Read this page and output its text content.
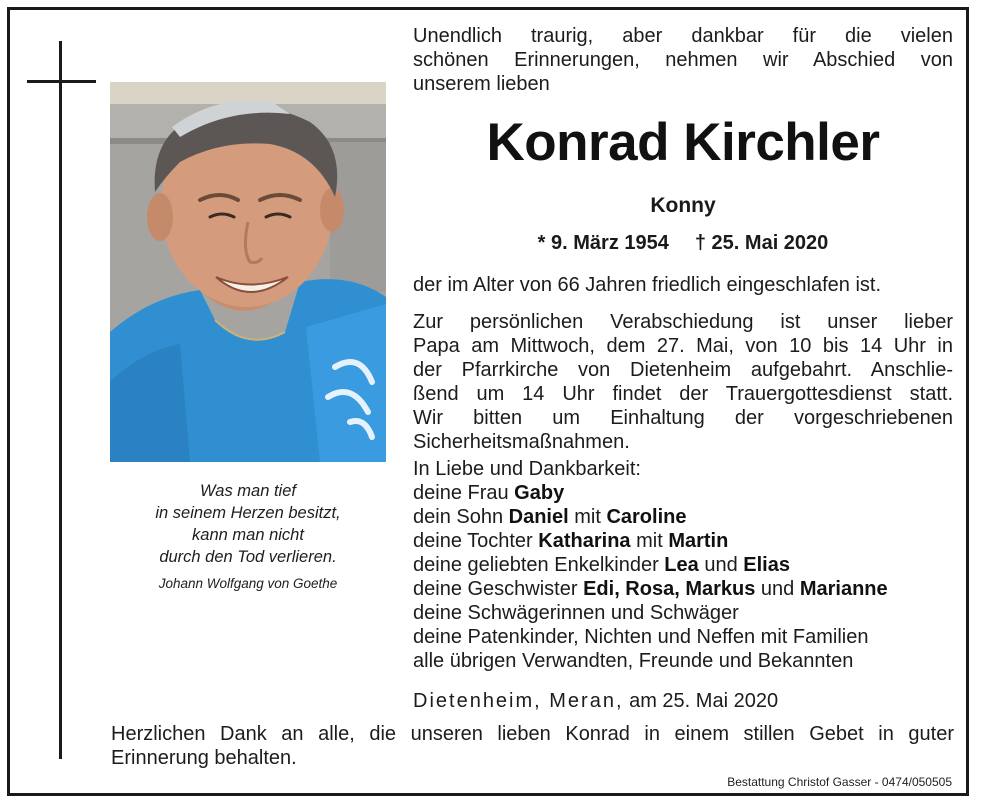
Was man tief
in seinem Herzen besitzt,
kann man nicht
durch den Tod verlieren.
Johann Wolfgang von Goethe
Unendlich traurig, aber dankbar für die vielen
schönen Erinnerungen, nehmen wir Abschied von
unserem lieben
Konrad Kirchler
Konny
* 9. März 1954 † 25. Mai 2020
der im Alter von 66 Jahren friedlich eingeschlafen ist.
Zur persönlichen Verabschiedung ist unser lieber
Papa am Mittwoch, dem 27. Mai, von 10 bis 14 Uhr in
der Pfarrkirche von Dietenheim aufgebahrt. Anschlie-
ßend um 14 Uhr findet der Trauergottesdienst statt.
Wir bitten um Einhaltung der vorgeschriebenen
Sicherheitsmaßnahmen.
In Liebe und Dankbarkeit:
deine Frau Gaby
dein Sohn Daniel mit Caroline
deine Tochter Katharina mit Martin
deine geliebten Enkelkinder Lea und Elias
deine Geschwister Edi, Rosa, Markus und Marianne
deine Schwägerinnen und Schwäger
deine Patenkinder, Nichten und Neffen mit Familien
alle übrigen Verwandten, Freunde und Bekannten
Dietenheim, Meran, am 25. Mai 2020
Herzlichen Dank an alle, die unseren lieben Konrad in einem stillen Gebet in guter
Erinnerung behalten.
Bestattung Christof Gasser - 0474/050505
